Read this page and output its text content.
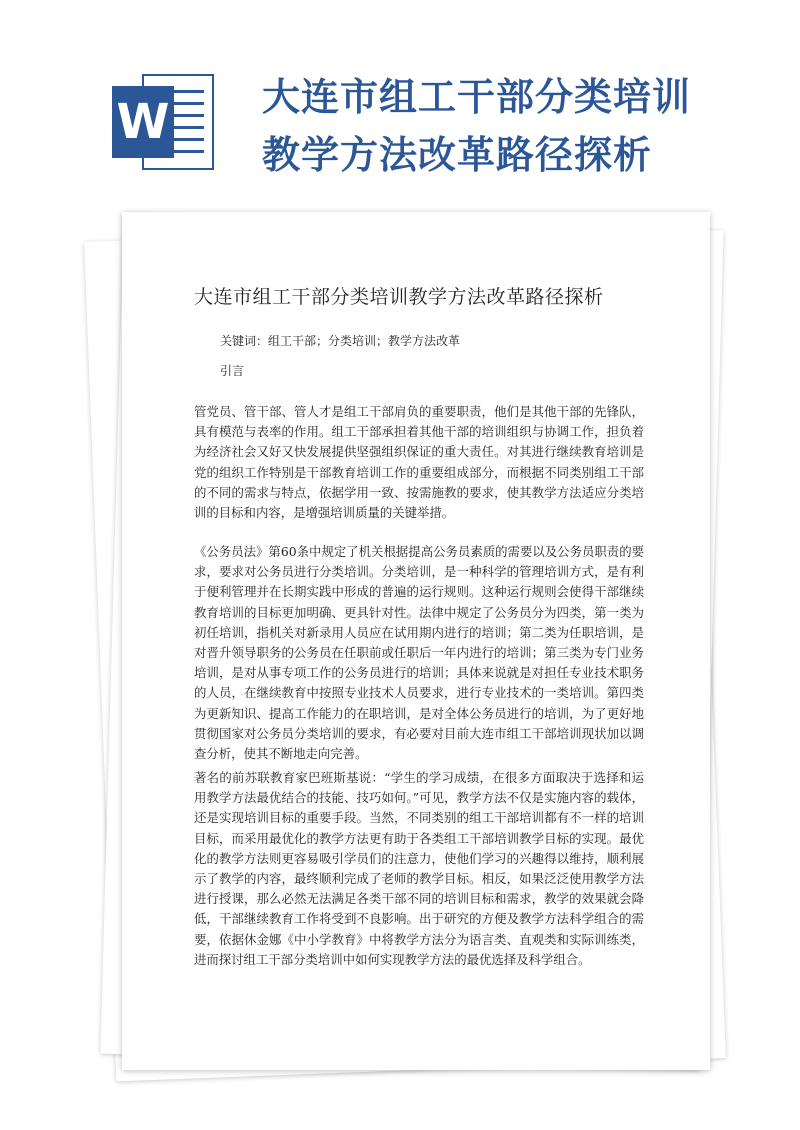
W 大连市组工干部分类培训教学方法改革路径探析
大连市组工干部分类培训教学方法改革路径探析

关键词：组工干部；分类培训；教学方法改革

引言

管党员、管干部、管人才是组工干部肩负的重要职责，他们是其他干部的先锋队，具有模范与表率的作用。组工干部承担着其他干部的培训组织与协调工作，担负着为经济社会又好又快发展提供坚强组织保证的重大责任。对其进行继续教育培训是党的组织工作特别是干部教育培训工作的重要组成部分，而根据不同类别组工干部的不同的需求与特点，依据学用一致、按需施教的要求，使其教学方法适应分类培训的目标和内容，是增强培训质量的关键举措。

《公务员法》第60条中规定了机关根据提高公务员素质的需要以及公务员职责的要求，要求对公务员进行分类培训。分类培训，是一种科学的管理培训方式，是有利于便利管理并在长期实践中形成的普遍的运行规则。这种运行规则会使得干部继续教育培训的目标更加明确、更具针对性。法律中规定了公务员分为四类，第一类为初任培训，指机关对新录用人员应在试用期内进行的培训；第二类为任职培训，是对晋升领导职务的公务员在任职前或任职后一年内进行的培训；第三类为专门业务培训，是对从事专项工作的公务员进行的培训；具体来说就是对担任专业技术职务的人员，在继续教育中按照专业技术人员要求，进行专业技术的一类培训。第四类为更新知识、提高工作能力的在职培训，是对全体公务员进行的培训，为了更好地贯彻国家对公务员分类培训的要求，有必要对目前大连市组工干部培训现状加以调查分析，使其不断地走向完善。

著名的前苏联教育家巴班斯基说：“学生的学习成绩，在很多方面取决于选择和运用教学方法最优结合的技能、技巧如何。”可见，教学方法不仅是实施内容的载体，还是实现培训目标的重要手段。当然，不同类别的组工干部培训都有不一样的培训目标，而采用最优化的教学方法更有助于各类组工干部培训教学目标的实现。最优化的教学方法则更容易吸引学员们的注意力，使他们学习的兴趣得以维持，顺利展示了教学的内容，最终顺利完成了老师的教学目标。相反，如果泛泛使用教学方法进行授课，那么必然无法满足各类干部不同的培训目标和需求，教学的效果就会降低，干部继续教育工作将受到不良影响。出于研究的方便及教学方法科学组合的需要，依据休金娜《中小学教育》中将教学方法分为语言类、直观类和实际训练类，进而探讨组工干部分类培训中如何实现教学方法的最优选择及科学组合。
